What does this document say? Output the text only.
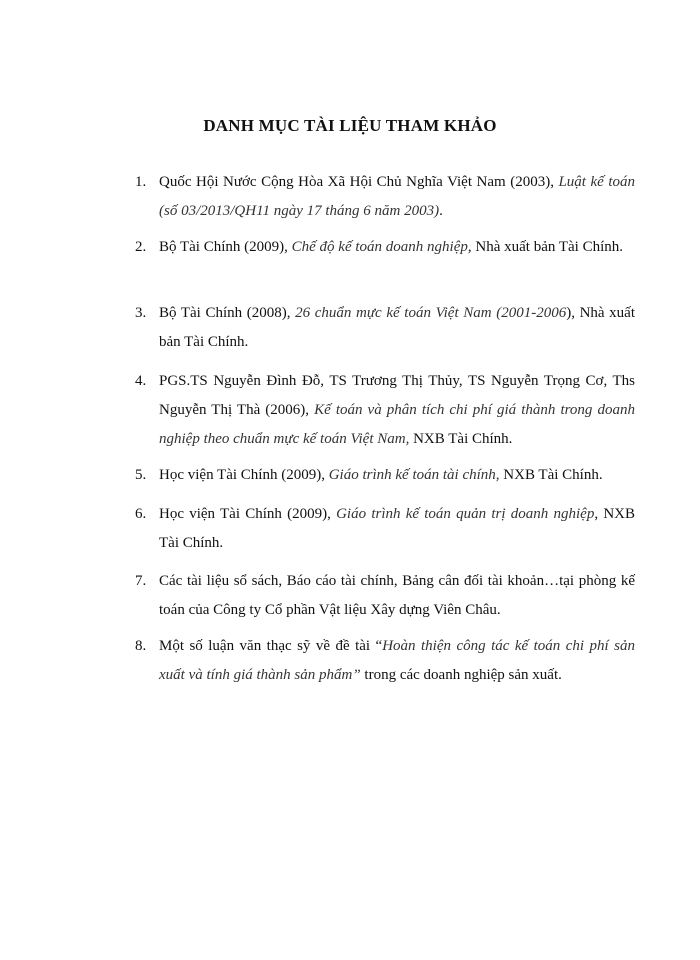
DANH MỤC TÀI LIỆU THAM KHẢO
1. Quốc Hội Nước Cộng Hòa Xã Hội Chủ Nghĩa Việt Nam (2003), Luật kế toán (số 03/2013/QH11 ngày 17 tháng 6 năm 2003).
2. Bộ Tài Chính (2009), Chế độ kế toán doanh nghiệp, Nhà xuất bản Tài Chính.
3. Bộ Tài Chính (2008), 26 chuẩn mực kế toán Việt Nam (2001-2006), Nhà xuất bản Tài Chính.
4. PGS.TS Nguyễn Đình Đỗ, TS Trương Thị Thủy, TS Nguyễn Trọng Cơ, Ths Nguyễn Thị Thà (2006), Kế toán và phân tích chi phí giá thành trong doanh nghiệp theo chuẩn mực kế toán Việt Nam, NXB Tài Chính.
5. Học viện Tài Chính (2009), Giáo trình kế toán tài chính, NXB Tài Chính.
6. Học viện Tài Chính (2009), Giáo trình kế toán quản trị doanh nghiệp, NXB Tài Chính.
7. Các tài liệu sổ sách, Báo cáo tài chính, Bảng cân đối tài khoản…tại phòng kế toán của Công ty Cổ phần Vật liệu Xây dựng Viên Châu.
8. Một số luận văn thạc sỹ về đề tài “Hoàn thiện công tác kế toán chi phí sản xuất và tính giá thành sản phẩm” trong các doanh nghiệp sản xuất.
